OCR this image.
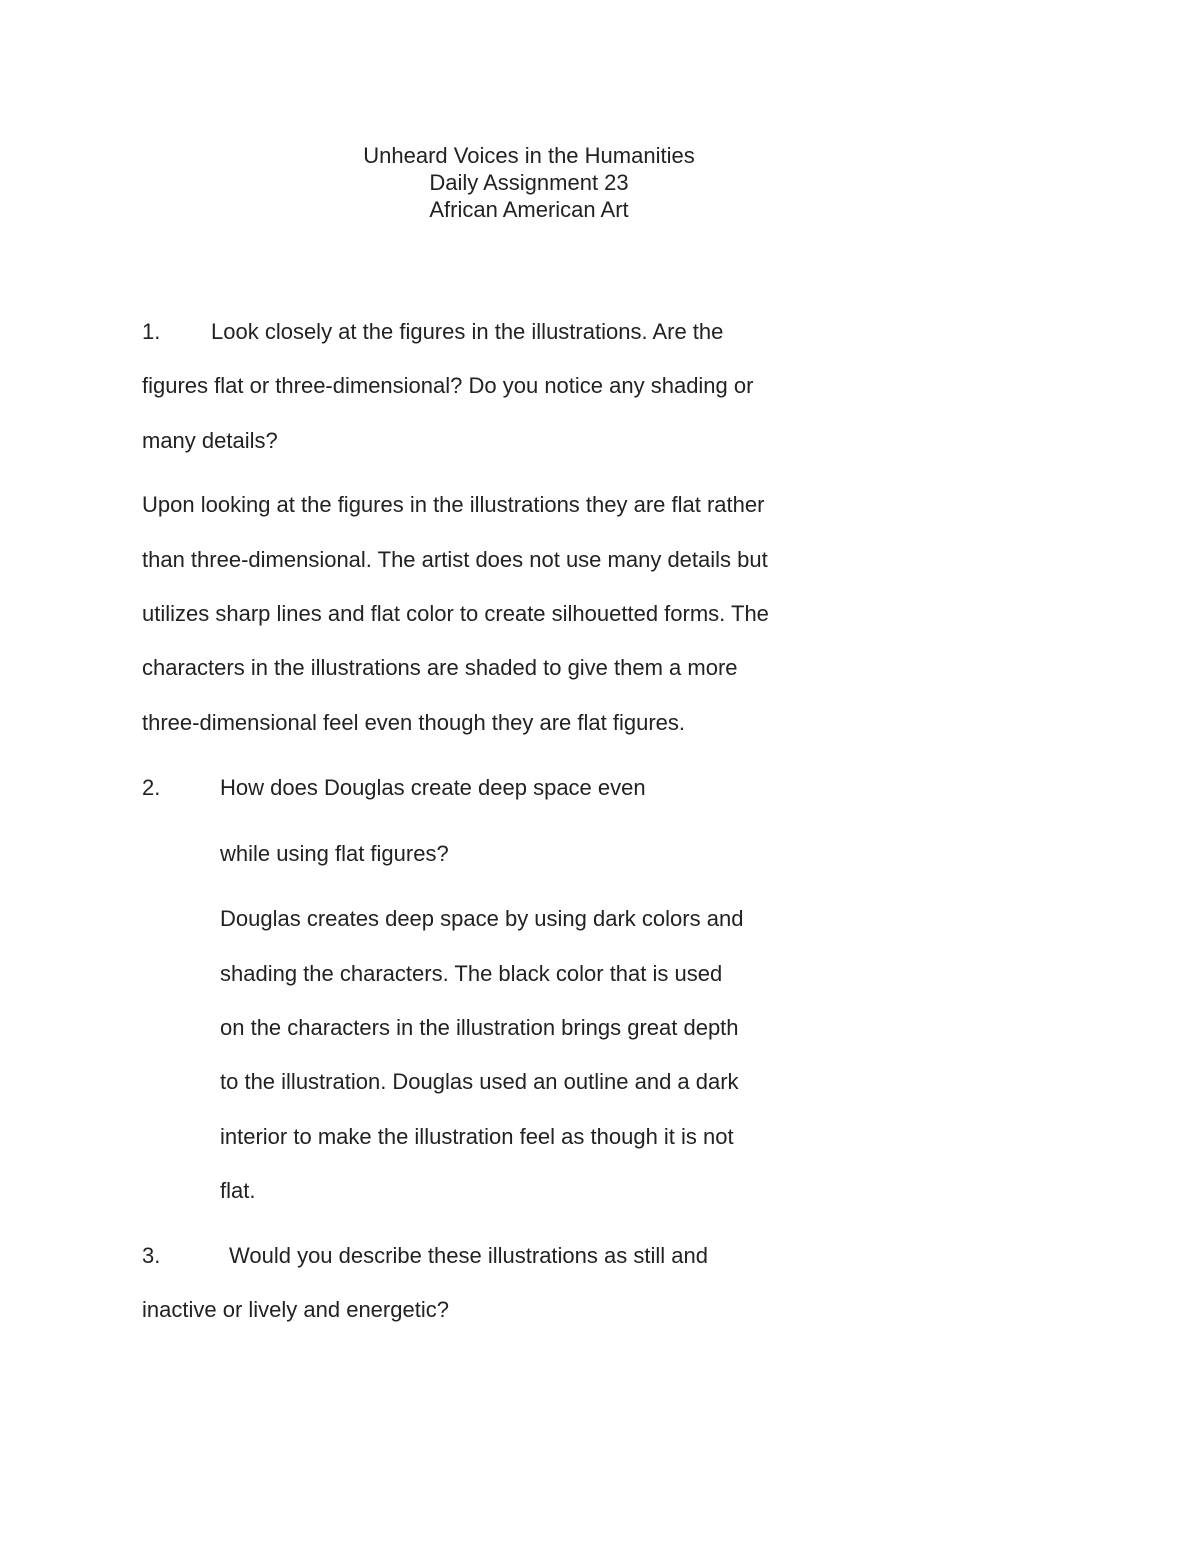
Unheard Voices in the Humanities
Daily Assignment 23
African American Art
1. Look closely at the figures in the illustrations. Are the
figures flat or three-dimensional? Do you notice any shading or
many details?
Upon looking at the figures in the illustrations they are flat rather
than three-dimensional. The artist does not use many details but
utilizes sharp lines and flat color to create silhouetted forms. The
characters in the illustrations are shaded to give them a more
three-dimensional feel even though they are flat figures.
2.	How does Douglas create deep space even
while using flat figures?
Douglas creates deep space by using dark colors and
shading the characters. The black color that is used
on the characters in the illustration brings great depth
to the illustration. Douglas used an outline and a dark
interior to make the illustration feel as though it is not
flat.
3.	Would you describe these illustrations as still and
inactive or lively and energetic?
